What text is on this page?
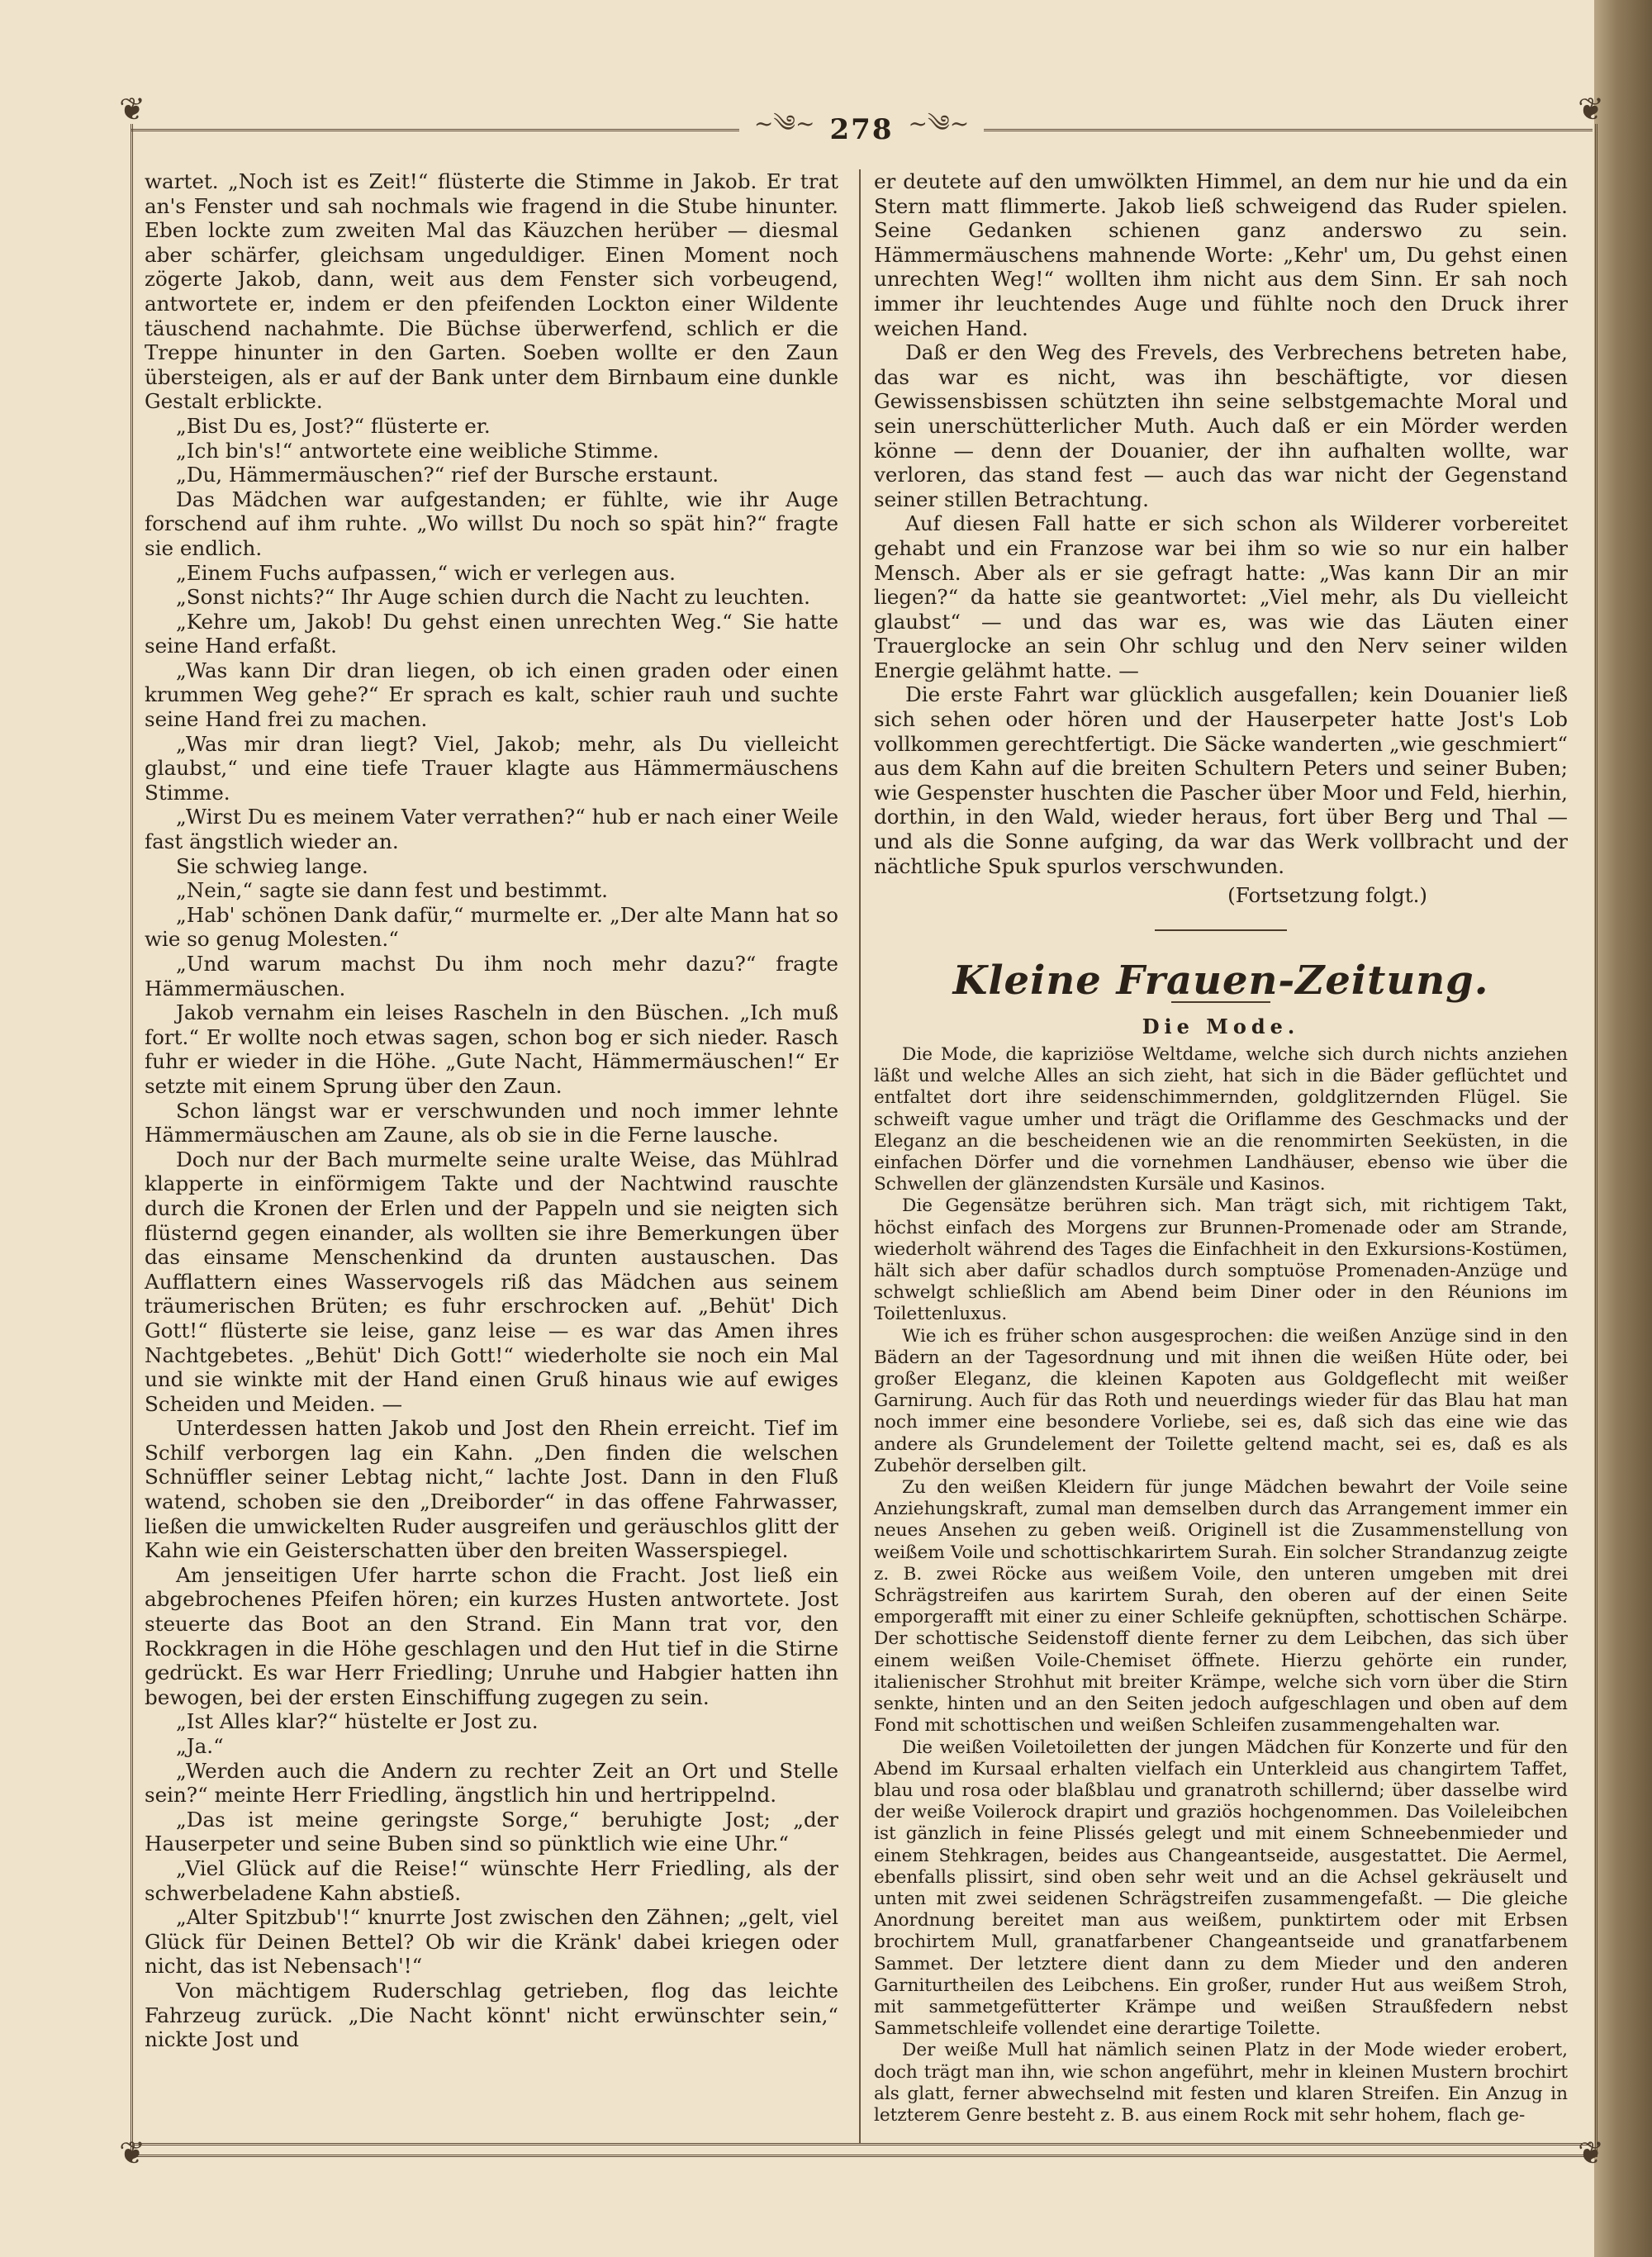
❦	❦
❦	❦
~༄~ 278 ~༄~

wartet. „Noch ist es Zeit!“ flüsterte die Stimme in Jakob. Er trat an's Fenster und sah nochmals wie fragend in die Stube hinunter. Eben lockte zum zweiten Mal das Käuzchen herüber — diesmal aber schärfer, gleichsam ungeduldiger. Einen Moment noch zögerte Jakob, dann, weit aus dem Fenster sich vorbeugend, antwortete er, indem er den pfeifenden Lockton einer Wildente täuschend nachahmte. Die Büchse überwerfend, schlich er die Treppe hinunter in den Garten. Soeben wollte er den Zaun übersteigen, als er auf der Bank unter dem Birnbaum eine dunkle Gestalt erblickte.

„Bist Du es, Jost?“ flüsterte er.

„Ich bin's!“ antwortete eine weibliche Stimme.

„Du, Hämmermäuschen?“ rief der Bursche erstaunt.

Das Mädchen war aufgestanden; er fühlte, wie ihr Auge forschend auf ihm ruhte. „Wo willst Du noch so spät hin?“ fragte sie endlich.

„Einem Fuchs aufpassen,“ wich er verlegen aus.

„Sonst nichts?“ Ihr Auge schien durch die Nacht zu leuchten.

„Kehre um, Jakob! Du gehst einen unrechten Weg.“ Sie hatte seine Hand erfaßt.

„Was kann Dir dran liegen, ob ich einen graden oder einen krummen Weg gehe?“ Er sprach es kalt, schier rauh und suchte seine Hand frei zu machen.

„Was mir dran liegt? Viel, Jakob; mehr, als Du vielleicht glaubst,“ und eine tiefe Trauer klagte aus Hämmermäuschens Stimme.

„Wirst Du es meinem Vater verrathen?“ hub er nach einer Weile fast ängstlich wieder an.

Sie schwieg lange.

„Nein,“ sagte sie dann fest und bestimmt.

„Hab' schönen Dank dafür,“ murmelte er. „Der alte Mann hat so wie so genug Molesten.“

„Und warum machst Du ihm noch mehr dazu?“ fragte Hämmermäuschen.

Jakob vernahm ein leises Rascheln in den Büschen. „Ich muß fort.“ Er wollte noch etwas sagen, schon bog er sich nieder. Rasch fuhr er wieder in die Höhe. „Gute Nacht, Hämmermäuschen!“ Er setzte mit einem Sprung über den Zaun.

Schon längst war er verschwunden und noch immer lehnte Hämmermäuschen am Zaune, als ob sie in die Ferne lausche.

Doch nur der Bach murmelte seine uralte Weise, das Mühlrad klapperte in einförmigem Takte und der Nachtwind rauschte durch die Kronen der Erlen und der Pappeln und sie neigten sich flüsternd gegen einander, als wollten sie ihre Bemerkungen über das einsame Menschenkind da drunten austauschen. Das Aufflattern eines Wasservogels riß das Mädchen aus seinem träumerischen Brüten; es fuhr erschrocken auf. „Behüt' Dich Gott!“ flüsterte sie leise, ganz leise — es war das Amen ihres Nachtgebetes. „Behüt' Dich Gott!“ wiederholte sie noch ein Mal und sie winkte mit der Hand einen Gruß hinaus wie auf ewiges Scheiden und Meiden. —

Unterdessen hatten Jakob und Jost den Rhein erreicht. Tief im Schilf verborgen lag ein Kahn. „Den finden die welschen Schnüffler seiner Lebtag nicht,“ lachte Jost. Dann in den Fluß watend, schoben sie den „Dreiborder“ in das offene Fahrwasser, ließen die umwickelten Ruder ausgreifen und geräuschlos glitt der Kahn wie ein Geisterschatten über den breiten Wasserspiegel.

Am jenseitigen Ufer harrte schon die Fracht. Jost ließ ein abgebrochenes Pfeifen hören; ein kurzes Husten antwortete. Jost steuerte das Boot an den Strand. Ein Mann trat vor, den Rockkragen in die Höhe geschlagen und den Hut tief in die Stirne gedrückt. Es war Herr Friedling; Unruhe und Habgier hatten ihn bewogen, bei der ersten Einschiffung zugegen zu sein.

„Ist Alles klar?“ hüstelte er Jost zu.

„Ja.“

„Werden auch die Andern zu rechter Zeit an Ort und Stelle sein?“ meinte Herr Friedling, ängstlich hin und hertrippelnd.

„Das ist meine geringste Sorge,“ beruhigte Jost; „der Hauserpeter und seine Buben sind so pünktlich wie eine Uhr.“

„Viel Glück auf die Reise!“ wünschte Herr Friedling, als der schwerbeladene Kahn abstieß.

„Alter Spitzbub'!“ knurrte Jost zwischen den Zähnen; „gelt, viel Glück für Deinen Bettel? Ob wir die Kränk' dabei kriegen oder nicht, das ist Nebensach'!“

Von mächtigem Ruderschlag getrieben, flog das leichte Fahrzeug zurück. „Die Nacht könnt' nicht erwünschter sein,“ nickte Jost und

er deutete auf den umwölkten Himmel, an dem nur hie und da ein Stern matt flimmerte. Jakob ließ schweigend das Ruder spielen. Seine Gedanken schienen ganz anderswo zu sein. Hämmermäuschens mahnende Worte: „Kehr' um, Du gehst einen unrechten Weg!“ wollten ihm nicht aus dem Sinn. Er sah noch immer ihr leuchtendes Auge und fühlte noch den Druck ihrer weichen Hand.

Daß er den Weg des Frevels, des Verbrechens betreten habe, das war es nicht, was ihn beschäftigte, vor diesen Gewissensbissen schützten ihn seine selbstgemachte Moral und sein unerschütterlicher Muth. Auch daß er ein Mörder werden könne — denn der Douanier, der ihn aufhalten wollte, war verloren, das stand fest — auch das war nicht der Gegenstand seiner stillen Betrachtung.

Auf diesen Fall hatte er sich schon als Wilderer vorbereitet gehabt und ein Franzose war bei ihm so wie so nur ein halber Mensch. Aber als er sie gefragt hatte: „Was kann Dir an mir liegen?“ da hatte sie geantwortet: „Viel mehr, als Du vielleicht glaubst“ — und das war es, was wie das Läuten einer Trauerglocke an sein Ohr schlug und den Nerv seiner wilden Energie gelähmt hatte. —

Die erste Fahrt war glücklich ausgefallen; kein Douanier ließ sich sehen oder hören und der Hauserpeter hatte Jost's Lob vollkommen gerechtfertigt. Die Säcke wanderten „wie geschmiert“ aus dem Kahn auf die breiten Schultern Peters und seiner Buben; wie Gespenster huschten die Pascher über Moor und Feld, hierhin, dorthin, in den Wald, wieder heraus, fort über Berg und Thal — und als die Sonne aufging, da war das Werk vollbracht und der nächtliche Spuk spurlos verschwunden.

(Fortsetzung folgt.)
Kleine Frauen-Zeitung.
Die Mode.

Die Mode, die kapriziöse Weltdame, welche sich durch nichts anziehen läßt und welche Alles an sich zieht, hat sich in die Bäder geflüchtet und entfaltet dort ihre seidenschimmernden, goldglitzernden Flügel. Sie schweift vague umher und trägt die Oriflamme des Geschmacks und der Eleganz an die bescheidenen wie an die renommirten Seeküsten, in die einfachen Dörfer und die vornehmen Landhäuser, ebenso wie über die Schwellen der glänzendsten Kursäle und Kasinos.

Die Gegensätze berühren sich. Man trägt sich, mit richtigem Takt, höchst einfach des Morgens zur Brunnen-Promenade oder am Strande, wiederholt während des Tages die Einfachheit in den Exkursions-Kostümen, hält sich aber dafür schadlos durch somptuöse Promenaden-Anzüge und schwelgt schließlich am Abend beim Diner oder in den Réunions im Toilettenluxus.

Wie ich es früher schon ausgesprochen: die weißen Anzüge sind in den Bädern an der Tagesordnung und mit ihnen die weißen Hüte oder, bei großer Eleganz, die kleinen Kapoten aus Goldgeflecht mit weißer Garnirung. Auch für das Roth und neuerdings wieder für das Blau hat man noch immer eine besondere Vorliebe, sei es, daß sich das eine wie das andere als Grundelement der Toilette geltend macht, sei es, daß es als Zubehör derselben gilt.

Zu den weißen Kleidern für junge Mädchen bewahrt der Voile seine Anziehungskraft, zumal man demselben durch das Arrangement immer ein neues Ansehen zu geben weiß. Originell ist die Zusammenstellung von weißem Voile und schottischkarirtem Surah. Ein solcher Strandanzug zeigte z. B. zwei Röcke aus weißem Voile, den unteren umgeben mit drei Schrägstreifen aus karirtem Surah, den oberen auf der einen Seite emporgerafft mit einer zu einer Schleife geknüpften, schottischen Schärpe. Der schottische Seidenstoff diente ferner zu dem Leibchen, das sich über einem weißen Voile-Chemiset öffnete. Hierzu gehörte ein runder, italienischer Strohhut mit breiter Krämpe, welche sich vorn über die Stirn senkte, hinten und an den Seiten jedoch aufgeschlagen und oben auf dem Fond mit schottischen und weißen Schleifen zusammengehalten war.

Die weißen Voiletoiletten der jungen Mädchen für Konzerte und für den Abend im Kursaal erhalten vielfach ein Unterkleid aus changirtem Taffet, blau und rosa oder blaßblau und granatroth schillernd; über dasselbe wird der weiße Voilerock drapirt und graziös hochgenommen. Das Voileleibchen ist gänzlich in feine Plissés gelegt und mit einem Schneebenmieder und einem Stehkragen, beides aus Changeantseide, ausgestattet. Die Aermel, ebenfalls plissirt, sind oben sehr weit und an die Achsel gekräuselt und unten mit zwei seidenen Schrägstreifen zusammengefaßt. — Die gleiche Anordnung bereitet man aus weißem, punktirtem oder mit Erbsen brochirtem Mull, granatfarbener Changeantseide und granatfarbenem Sammet. Der letztere dient dann zu dem Mieder und den anderen Garniturtheilen des Leibchens. Ein großer, runder Hut aus weißem Stroh, mit sammetgefütterter Krämpe und weißen Straußfedern nebst Sammetschleife vollendet eine derartige Toilette.

Der weiße Mull hat nämlich seinen Platz in der Mode wieder erobert, doch trägt man ihn, wie schon angeführt, mehr in kleinen Mustern brochirt als glatt, ferner abwechselnd mit festen und klaren Streifen. Ein Anzug in letzterem Genre besteht z. B. aus einem Rock mit sehr hohem, flach ge-
